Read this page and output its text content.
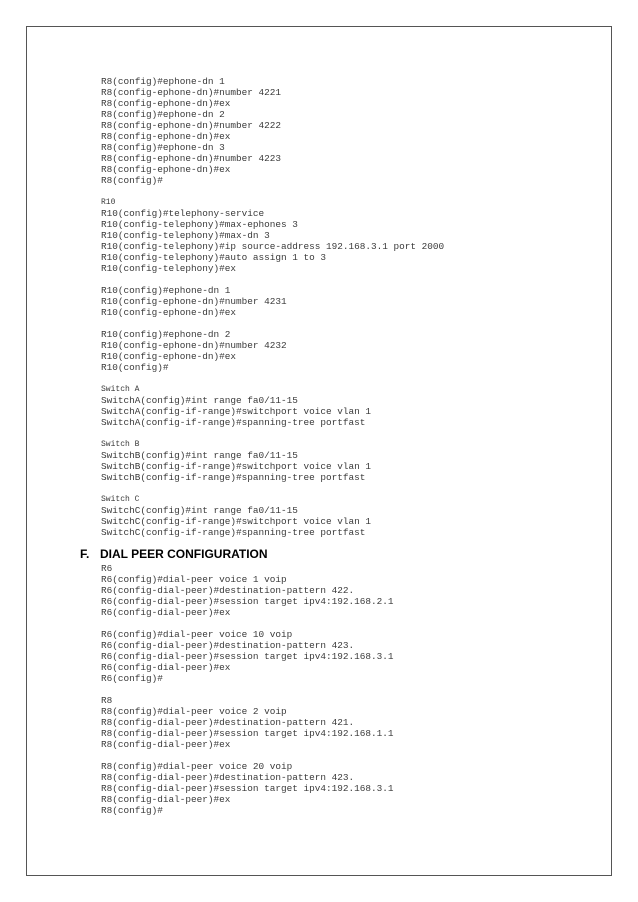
F. DIAL PEER CONFIGURATION
R8(config)#ephone-dn 1
R8(config-ephone-dn)#number 4221
R8(config-ephone-dn)#ex
R8(config)#ephone-dn 2
R8(config-ephone-dn)#number 4222
R8(config-ephone-dn)#ex
R8(config)#ephone-dn 3
R8(config-ephone-dn)#number 4223
R8(config-ephone-dn)#ex
R8(config)#
R10
R10(config)#telephony-service
R10(config-telephony)#max-ephones 3
R10(config-telephony)#max-dn 3
R10(config-telephony)#ip source-address 192.168.3.1 port 2000
R10(config-telephony)#auto assign 1 to 3
R10(config-telephony)#ex
R10(config)#ephone-dn 1
R10(config-ephone-dn)#number 4231
R10(config-ephone-dn)#ex
R10(config)#ephone-dn 2
R10(config-ephone-dn)#number 4232
R10(config-ephone-dn)#ex
R10(config)#
Switch A
SwitchA(config)#int range fa0/11-15
SwitchA(config-if-range)#switchport voice vlan 1
SwitchA(config-if-range)#spanning-tree portfast
Switch B
SwitchB(config)#int range fa0/11-15
SwitchB(config-if-range)#switchport voice vlan 1
SwitchB(config-if-range)#spanning-tree portfast
Switch C
SwitchC(config)#int range fa0/11-15
SwitchC(config-if-range)#switchport voice vlan 1
SwitchC(config-if-range)#spanning-tree portfast
R6
R6(config)#dial-peer voice 1 voip
R6(config-dial-peer)#destination-pattern 422.
R6(config-dial-peer)#session target ipv4:192.168.2.1
R6(config-dial-peer)#ex
R6(config)#dial-peer voice 10 voip
R6(config-dial-peer)#destination-pattern 423.
R6(config-dial-peer)#session target ipv4:192.168.3.1
R6(config-dial-peer)#ex
R6(config)#
R8
R8(config)#dial-peer voice 2 voip
R8(config-dial-peer)#destination-pattern 421.
R8(config-dial-peer)#session target ipv4:192.168.1.1
R8(config-dial-peer)#ex
R8(config)#dial-peer voice 20 voip
R8(config-dial-peer)#destination-pattern 423.
R8(config-dial-peer)#session target ipv4:192.168.3.1
R8(config-dial-peer)#ex
R8(config)#
